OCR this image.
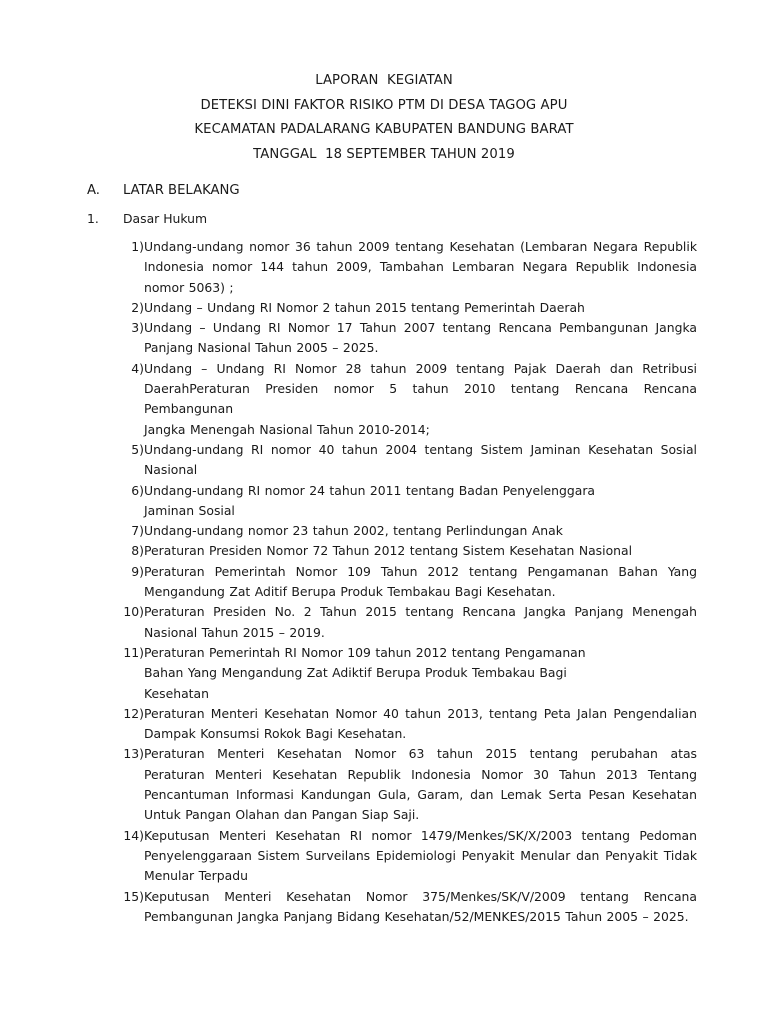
LAPORAN  KEGIATAN
DETEKSI DINI FAKTOR RISIKO PTM DI DESA TAGOG APU
KECAMATAN PADALARANG KABUPATEN BANDUNG BARAT
TANGGAL  18 SEPTEMBER TAHUN 2019
A. LATAR BELAKANG
1. Dasar Hukum
1) Undang-undang nomor 36 tahun 2009 tentang Kesehatan (Lembaran Negara Republik
Indonesia nomor 144 tahun 2009, Tambahan Lembaran Negara Republik Indonesia
nomor 5063) ;
2) Undang – Undang RI Nomor 2 tahun 2015 tentang Pemerintah Daerah
3) Undang – Undang RI Nomor 17 Tahun 2007 tentang Rencana Pembangunan Jangka
Panjang Nasional Tahun 2005 – 2025.
4) Undang – Undang RI Nomor 28 tahun 2009 tentang Pajak Daerah dan Retribusi
DaerahPeraturan Presiden nomor 5 tahun 2010 tentang Rencana Rencana Pembangunan
Jangka Menengah Nasional Tahun 2010-2014;
5) Undang-undang RI nomor 40 tahun 2004 tentang Sistem Jaminan Kesehatan Sosial
Nasional
6) Undang-undang RI nomor 24 tahun 2011 tentang Badan Penyelenggara
Jaminan Sosial
7) Undang-undang nomor 23 tahun 2002, tentang Perlindungan Anak
8) Peraturan Presiden Nomor 72 Tahun 2012 tentang Sistem Kesehatan Nasional
9) Peraturan Pemerintah Nomor 109 Tahun 2012 tentang Pengamanan Bahan Yang
Mengandung Zat Aditif Berupa Produk Tembakau Bagi Kesehatan.
10) Peraturan Presiden No. 2 Tahun 2015 tentang Rencana Jangka Panjang Menengah
Nasional Tahun 2015 – 2019.
11) Peraturan Pemerintah RI Nomor 109 tahun 2012 tentang Pengamanan
Bahan Yang Mengandung Zat Adiktif Berupa Produk Tembakau Bagi
Kesehatan
12) Peraturan Menteri Kesehatan Nomor 40 tahun 2013, tentang Peta Jalan Pengendalian
Dampak Konsumsi Rokok Bagi Kesehatan.
13) Peraturan Menteri Kesehatan Nomor 63 tahun 2015 tentang perubahan atas
Peraturan Menteri Kesehatan Republik Indonesia Nomor 30 Tahun 2013 Tentang
Pencantuman Informasi Kandungan Gula, Garam, dan Lemak Serta Pesan Kesehatan
Untuk Pangan Olahan dan Pangan Siap Saji.
14) Keputusan Menteri Kesehatan RI nomor 1479/Menkes/SK/X/2003 tentang Pedoman
Penyelenggaraan Sistem Surveilans Epidemiologi Penyakit Menular dan Penyakit Tidak
Menular Terpadu
15) Keputusan Menteri Kesehatan Nomor 375/Menkes/SK/V/2009 tentang Rencana
Pembangunan Jangka Panjang Bidang Kesehatan/52/MENKES/2015 Tahun 2005 – 2025.
